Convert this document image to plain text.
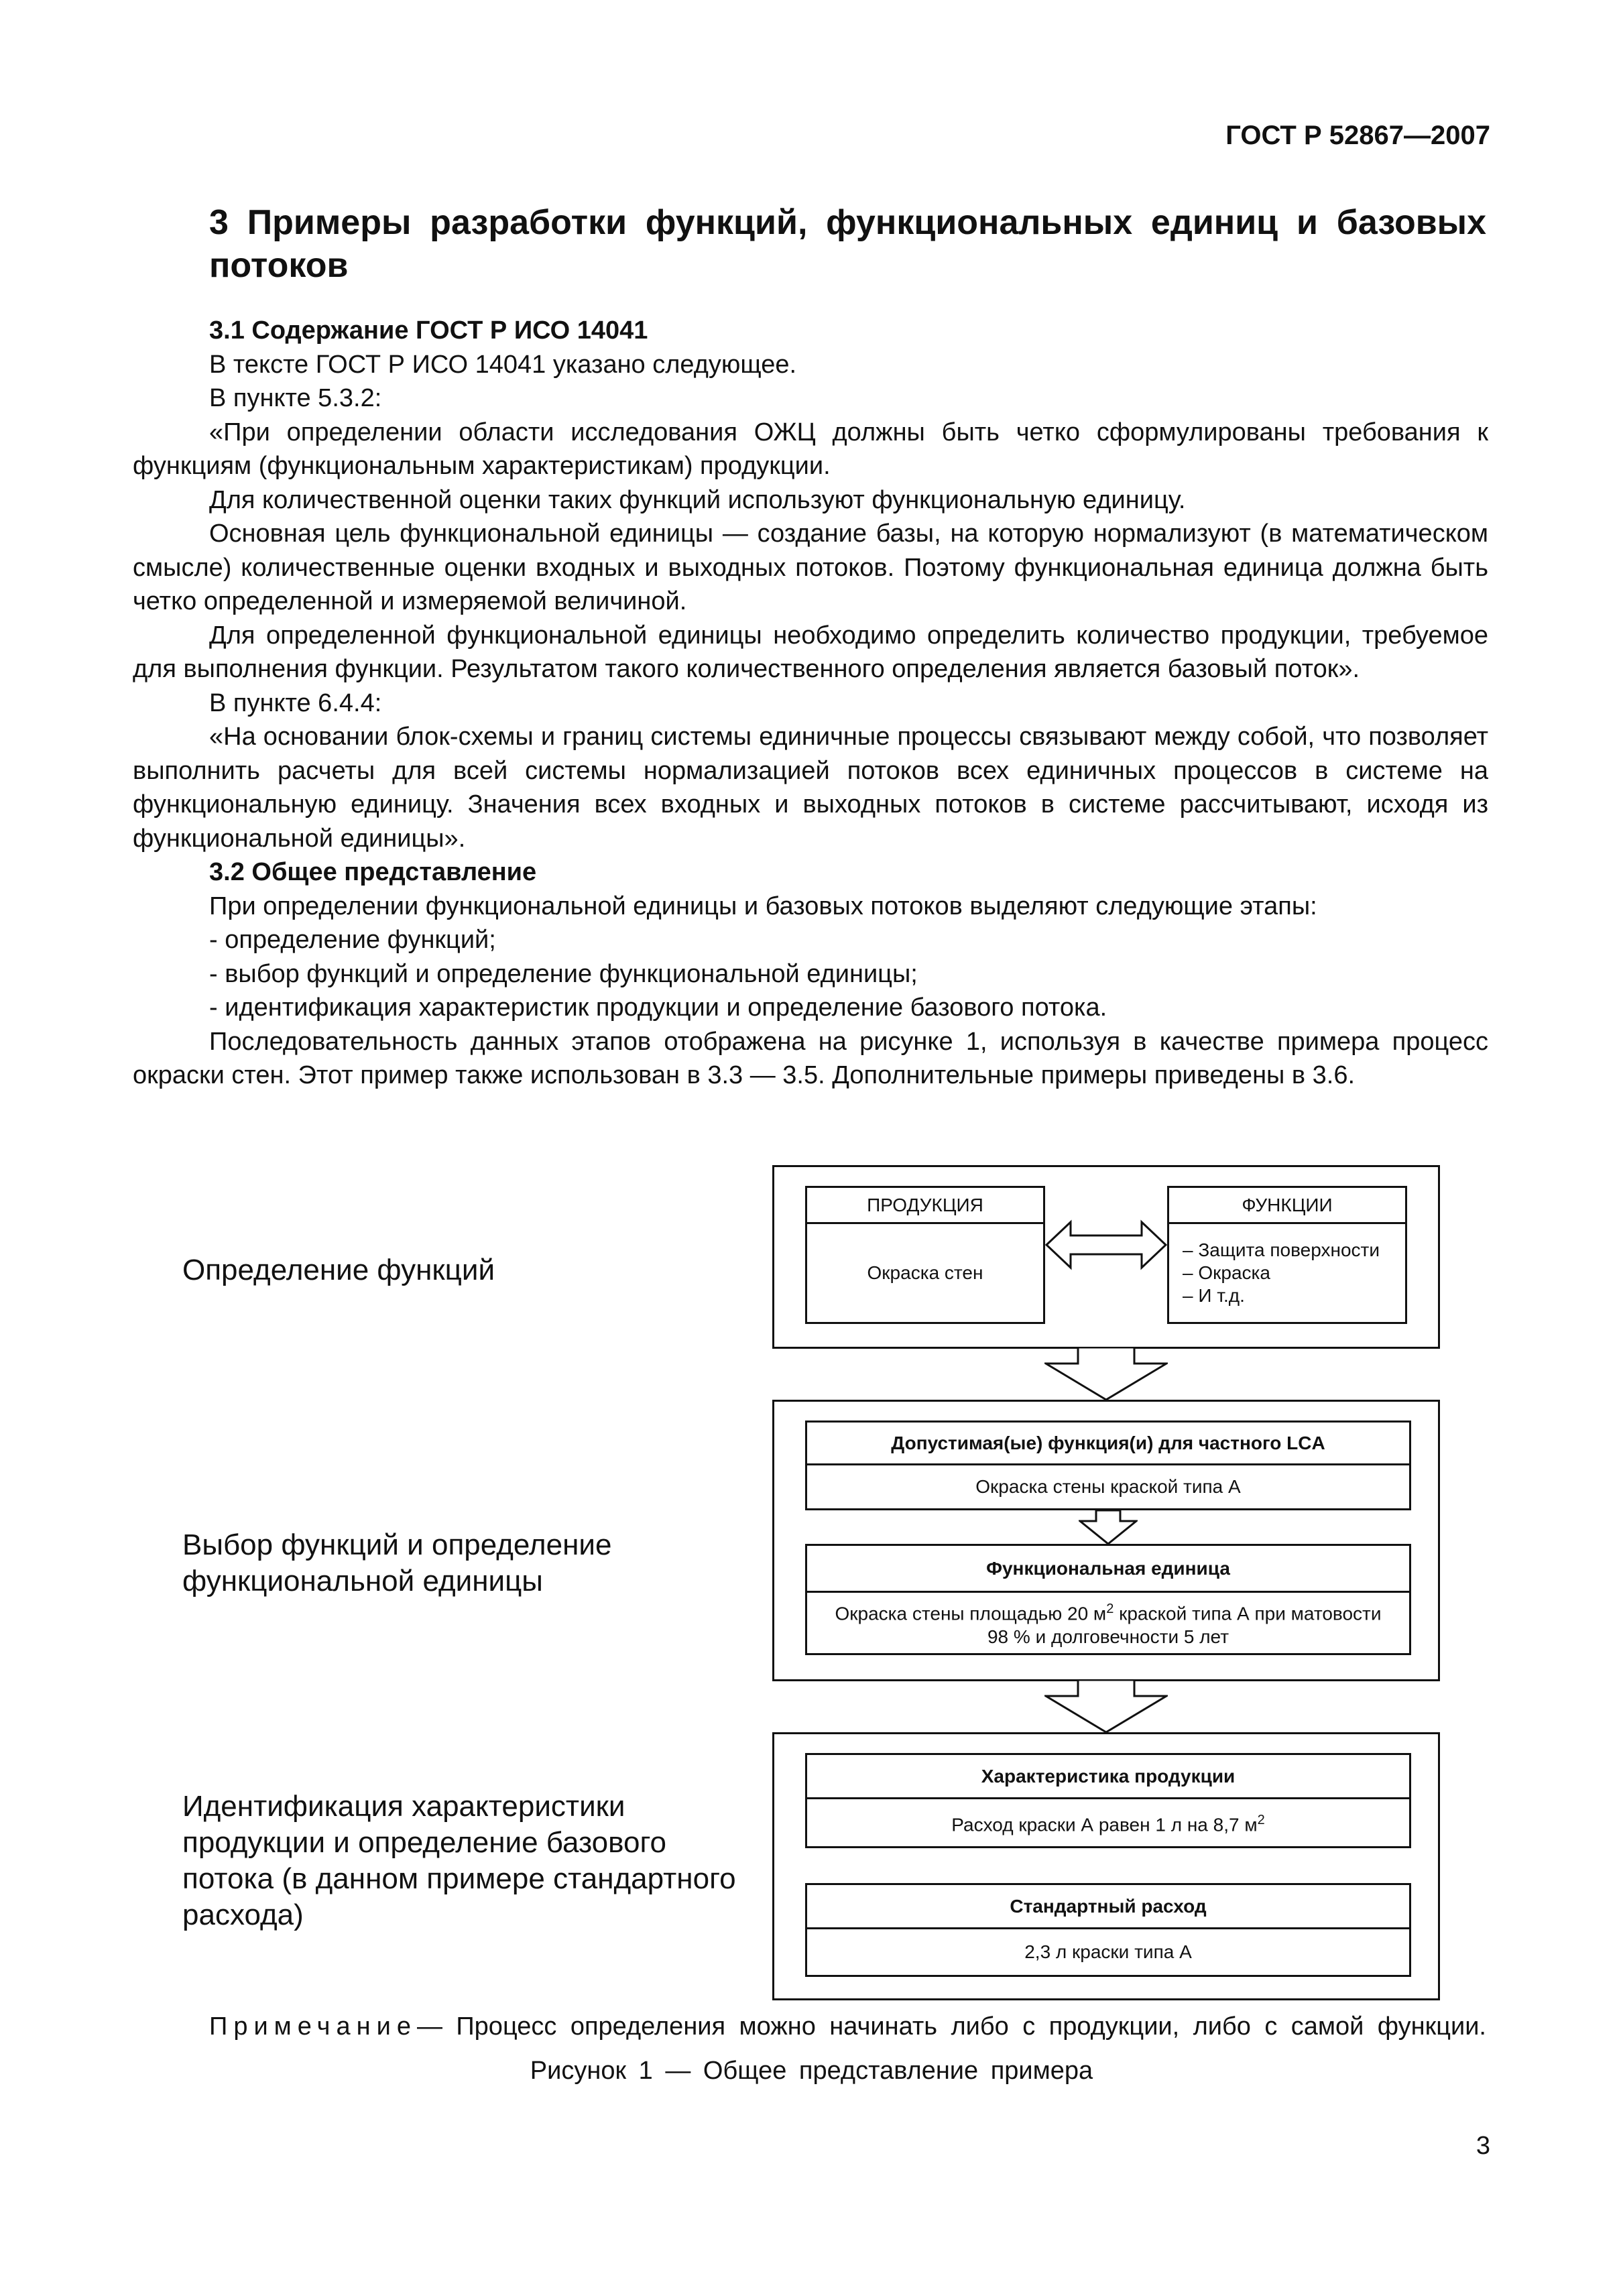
ГОСТ Р 52867—2007
3 Примеры разработки функций, функциональных единиц и базовых потоков

3.1 Содержание ГОСТ Р ИСО 14041

В тексте ГОСТ Р ИСО 14041 указано следующее.

В пункте 5.3.2:

«При определении области исследования ОЖЦ должны быть четко сформулированы требования к функциям (функциональным характеристикам) продукции.

Для количественной оценки таких функций используют функциональную единицу.

Основная цель функциональной единицы — создание базы, на которую нормализуют (в математическом смысле) количественные оценки входных и выходных потоков. Поэтому функциональная единица должна быть четко определенной и измеряемой величиной.

Для определенной функциональной единицы необходимо определить количество продукции, требуемое для выполнения функции. Результатом такого количественного определения является базовый поток».

В пункте 6.4.4:

«На основании блок-схемы и границ системы единичные процессы связывают между собой, что позволяет выполнить расчеты для всей системы нормализацией потоков всех единичных процессов в системе на функциональную единицу. Значения всех входных и выходных потоков в системе рассчитывают, исходя из функциональной единицы».

3.2 Общее представление

При определении функциональной единицы и базовых потоков выделяют следующие этапы:

- определение функций;

- выбор функций и определение функциональной единицы;

- идентификация характеристик продукции и определение базового потока.

Последовательность данных этапов отображена на рисунке 1, используя в качестве примера процесс окраски стен. Этот пример также использован в 3.3 — 3.5. Дополнительные примеры приведены в 3.6.

Определение функций
Выбор функций и определение функциональной единицы
Идентификация характеристики продукции и определение базового потока (в данном примере стандартного расхода)
ПРОДУКЦИЯ
Окраска стен
ФУНКЦИИ
– Защита поверхности
– Окраска
– И т.д.
Допустимая(ые) функция(и) для частного LCA
Окраска стены краской типа А
Функциональная единица
Окраска стены площадью 20 $м^2$ краской типа А при матовости 98 % и долговечности 5 лет
Характеристика продукции
Расход краски А равен 1 л на 8,7 $м^2$
Стандартный расход
2,3 л краски типа А
Примечание— Процесс определения можно начинать либо с продукции, либо с самой функции.
Рисунок 1 — Общее представление примера
3
